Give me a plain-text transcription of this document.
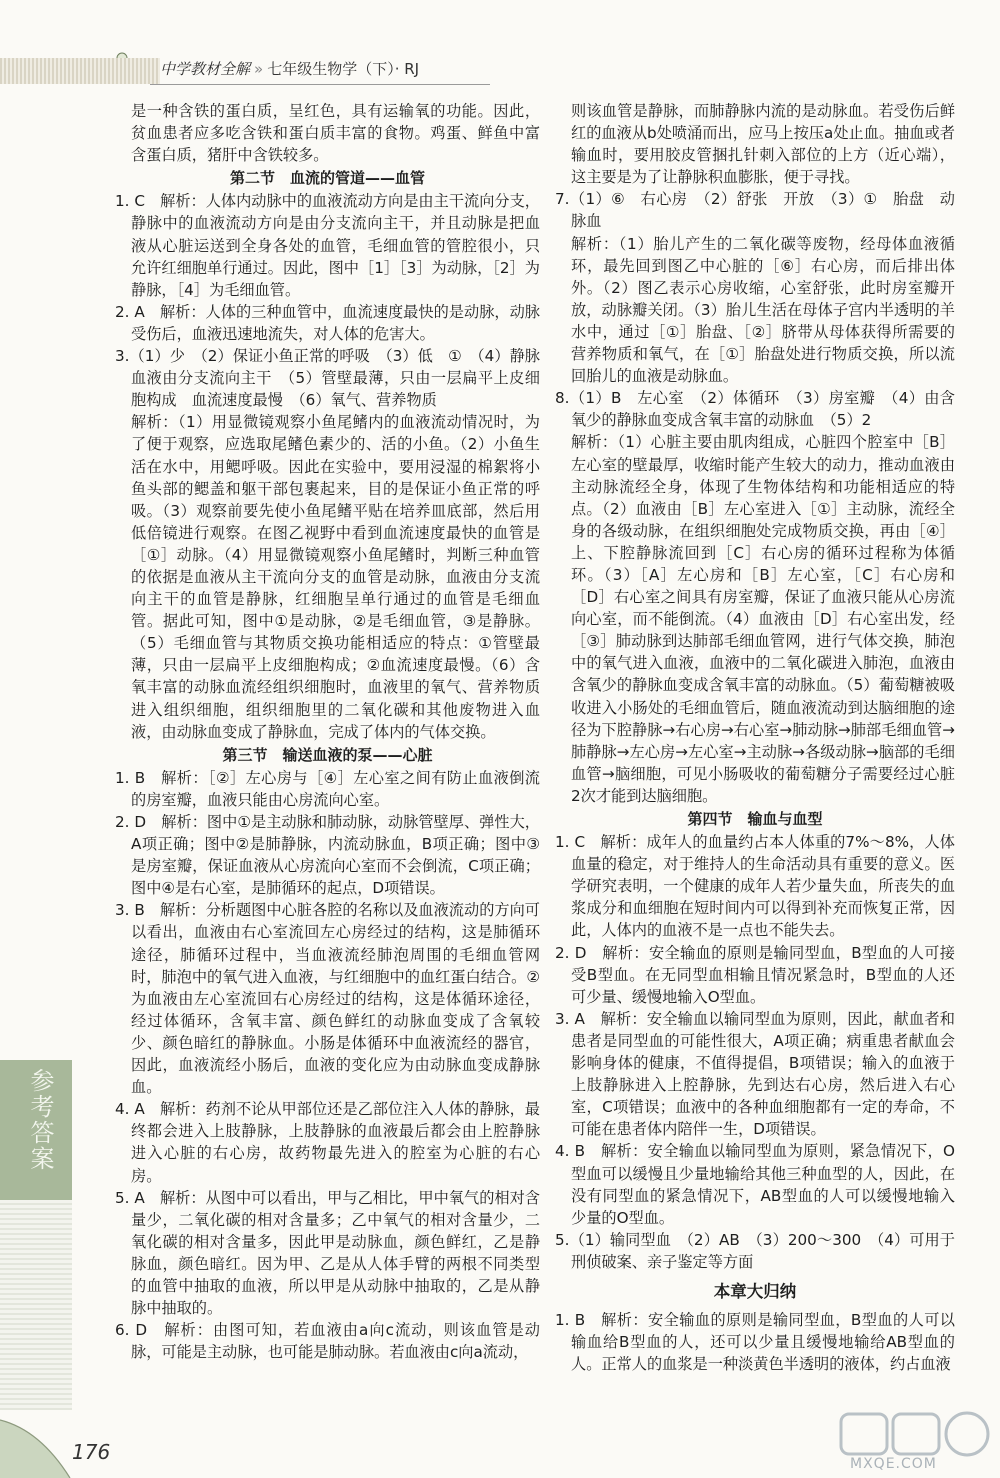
中学教材全解 » 七年级生物学（下）· RJ

是一种含铁的蛋白质，呈红色，具有运输氧的功能。因此，贫血患者应多吃含铁和蛋白质丰富的食物。鸡蛋、鲜鱼中富含蛋白质，猪肝中含铁较多。

第二节　血流的管道——血管

1. C　解析：人体内动脉中的血液流动方向是由主干流向分支，静脉中的血液流动方向是由分支流向主干，并且动脉是把血液从心脏运送到全身各处的血管，毛细血管的管腔很小，只允许红细胞单行通过。因此，图中［1］［3］为动脉，［2］为静脉，［4］为毛细血管。

2. A　解析：人体的三种血管中，血流速度最快的是动脉，动脉受伤后，血液迅速地流失，对人体的危害大。

3.（1）少　（2）保证小鱼正常的呼吸　（3）低　①　（4）静脉　血液由分支流向主干　（5）管壁最薄，只由一层扁平上皮细胞构成　血流速度最慢　（6）氧气、营养物质

解析：（1）用显微镜观察小鱼尾鳍内的血液流动情况时，为了便于观察，应选取尾鳍色素少的、活的小鱼。（2）小鱼生活在水中，用鳃呼吸。因此在实验中，要用浸湿的棉絮将小鱼头部的鳃盖和躯干部包裹起来，目的是保证小鱼正常的呼吸。（3）观察前要先使小鱼尾鳍平贴在培养皿底部，然后用低倍镜进行观察。在图乙视野中看到血流速度最快的血管是［①］动脉。（4）用显微镜观察小鱼尾鳍时，判断三种血管的依据是血液从主干流向分支的血管是动脉，血液由分支流向主干的血管是静脉，红细胞呈单行通过的血管是毛细血管。据此可知，图中①是动脉，②是毛细血管，③是静脉。（5）毛细血管与其物质交换功能相适应的特点：①管壁最薄，只由一层扁平上皮细胞构成；②血流速度最慢。（6）含氧丰富的动脉血流经组织细胞时，血液里的氧气、营养物质进入组织细胞，组织细胞里的二氧化碳和其他废物进入血液，由动脉血变成了静脉血，完成了体内的气体交换。

第三节　输送血液的泵——心脏

1. B　解析：［②］左心房与［④］左心室之间有防止血液倒流的房室瓣，血液只能由心房流向心室。

2. D　解析：图中①是主动脉和肺动脉，动脉管壁厚、弹性大，A项正确；图中②是肺静脉，内流动脉血，B项正确；图中③是房室瓣，保证血液从心房流向心室而不会倒流，C项正确；图中④是右心室，是肺循环的起点，D项错误。

3. B　解析：分析题图中心脏各腔的名称以及血液流动的方向可以看出，血液由右心室流回左心房经过的结构，这是肺循环途径，肺循环过程中，当血液流经肺泡周围的毛细血管网时，肺泡中的氧气进入血液，与红细胞中的血红蛋白结合。②为血液由左心室流回右心房经过的结构，这是体循环途径，经过体循环，含氧丰富、颜色鲜红的动脉血变成了含氧较少、颜色暗红的静脉血。小肠是体循环中血液流经的器官，因此，血液流经小肠后，血液的变化应为由动脉血变成静脉血。

4. A　解析：药剂不论从甲部位还是乙部位注入人体的静脉，最终都会进入上肢静脉，上肢静脉的血液最后都会由上腔静脉进入心脏的右心房，故药物最先进入的腔室为心脏的右心房。

5. A　解析：从图中可以看出，甲与乙相比，甲中氧气的相对含量少，二氧化碳的相对含量多；乙中氧气的相对含量少，二氧化碳的相对含量多，因此甲是动脉血，颜色鲜红，乙是静脉血，颜色暗红。因为甲、乙是从人体手臂的两根不同类型的血管中抽取的血液，所以甲是从动脉中抽取的，乙是从静脉中抽取的。

6. D　解析：由图可知，若血液由a向c流动，则该血管是动脉，可能是主动脉，也可能是肺动脉。若血液由c向a流动，

则该血管是静脉，而肺静脉内流的是动脉血。若受伤后鲜红的血液从b处喷涌而出，应马上按压a处止血。抽血或者输血时，要用胶皮管捆扎针刺入部位的上方（近心端），这主要是为了让静脉积血膨胀，便于寻找。

7.（1）⑥　右心房　（2）舒张　开放　（3）①　胎盘　动脉血

解析：（1）胎儿产生的二氧化碳等废物，经母体血液循环，最先回到图乙中心脏的［⑥］右心房，而后排出体外。（2）图乙表示心房收缩，心室舒张，此时房室瓣开放，动脉瓣关闭。（3）胎儿生活在母体子宫内半透明的羊水中，通过［①］胎盘、［②］脐带从母体获得所需要的营养物质和氧气，在［①］胎盘处进行物质交换，所以流回胎儿的血液是动脉血。

8.（1）B　左心室　（2）体循环　（3）房室瓣　（4）由含氧少的静脉血变成含氧丰富的动脉血　（5）2

解析：（1）心脏主要由肌肉组成，心脏四个腔室中［B］左心室的壁最厚，收缩时能产生较大的动力，推动血液由主动脉流经全身，体现了生物体结构和功能相适应的特点。（2）血液由［B］左心室进入［①］主动脉，流经全身的各级动脉，在组织细胞处完成物质交换，再由［④］上、下腔静脉流回到［C］右心房的循环过程称为体循环。（3）［A］左心房和［B］左心室，［C］右心房和［D］右心室之间具有房室瓣，保证了血液只能从心房流向心室，而不能倒流。（4）血液由［D］右心室出发，经［③］肺动脉到达肺部毛细血管网，进行气体交换，肺泡中的氧气进入血液，血液中的二氧化碳进入肺泡，血液由含氧少的静脉血变成含氧丰富的动脉血。（5）葡萄糖被吸收进入小肠处的毛细血管后，随血液流动到达脑细胞的途径为下腔静脉→右心房→右心室→肺动脉→肺部毛细血管→肺静脉→左心房→左心室→主动脉→各级动脉→脑部的毛细血管→脑细胞，可见小肠吸收的葡萄糖分子需要经过心脏2次才能到达脑细胞。

第四节　输血与血型

1. C　解析：成年人的血量约占本人体重的7%～8%，人体血量的稳定，对于维持人的生命活动具有重要的意义。医学研究表明，一个健康的成年人若少量失血，所丧失的血浆成分和血细胞在短时间内可以得到补充而恢复正常，因此，人体内的血液不是一点也不能失去。

2. D　解析：安全输血的原则是输同型血，B型血的人可接受B型血。在无同型血相输且情况紧急时，B型血的人还可少量、缓慢地输入O型血。

3. A　解析：安全输血以输同型血为原则，因此，献血者和患者是同型血的可能性很大，A项正确；病重患者献血会影响身体的健康，不值得提倡，B项错误；输入的血液于上肢静脉进入上腔静脉，先到达右心房，然后进入右心室，C项错误；血液中的各种血细胞都有一定的寿命，不可能在患者体内陪伴一生，D项错误。

4. B　解析：安全输血以输同型血为原则，紧急情况下，O型血可以缓慢且少量地输给其他三种血型的人，因此，在没有同型血的紧急情况下，AB型血的人可以缓慢地输入少量的O型血。

5.（1）输同型血　（2）AB　（3）200～300　（4）可用于刑侦破案、亲子鉴定等方面

本章大归纳

1. B　解析：安全输血的原则是输同型血，B型血的人可以输血给B型血的人，还可以少量且缓慢地输给AB型血的人。正常人的血浆是一种淡黄色半透明的液体，约占血液

参考答案
176	MXQE.COM
